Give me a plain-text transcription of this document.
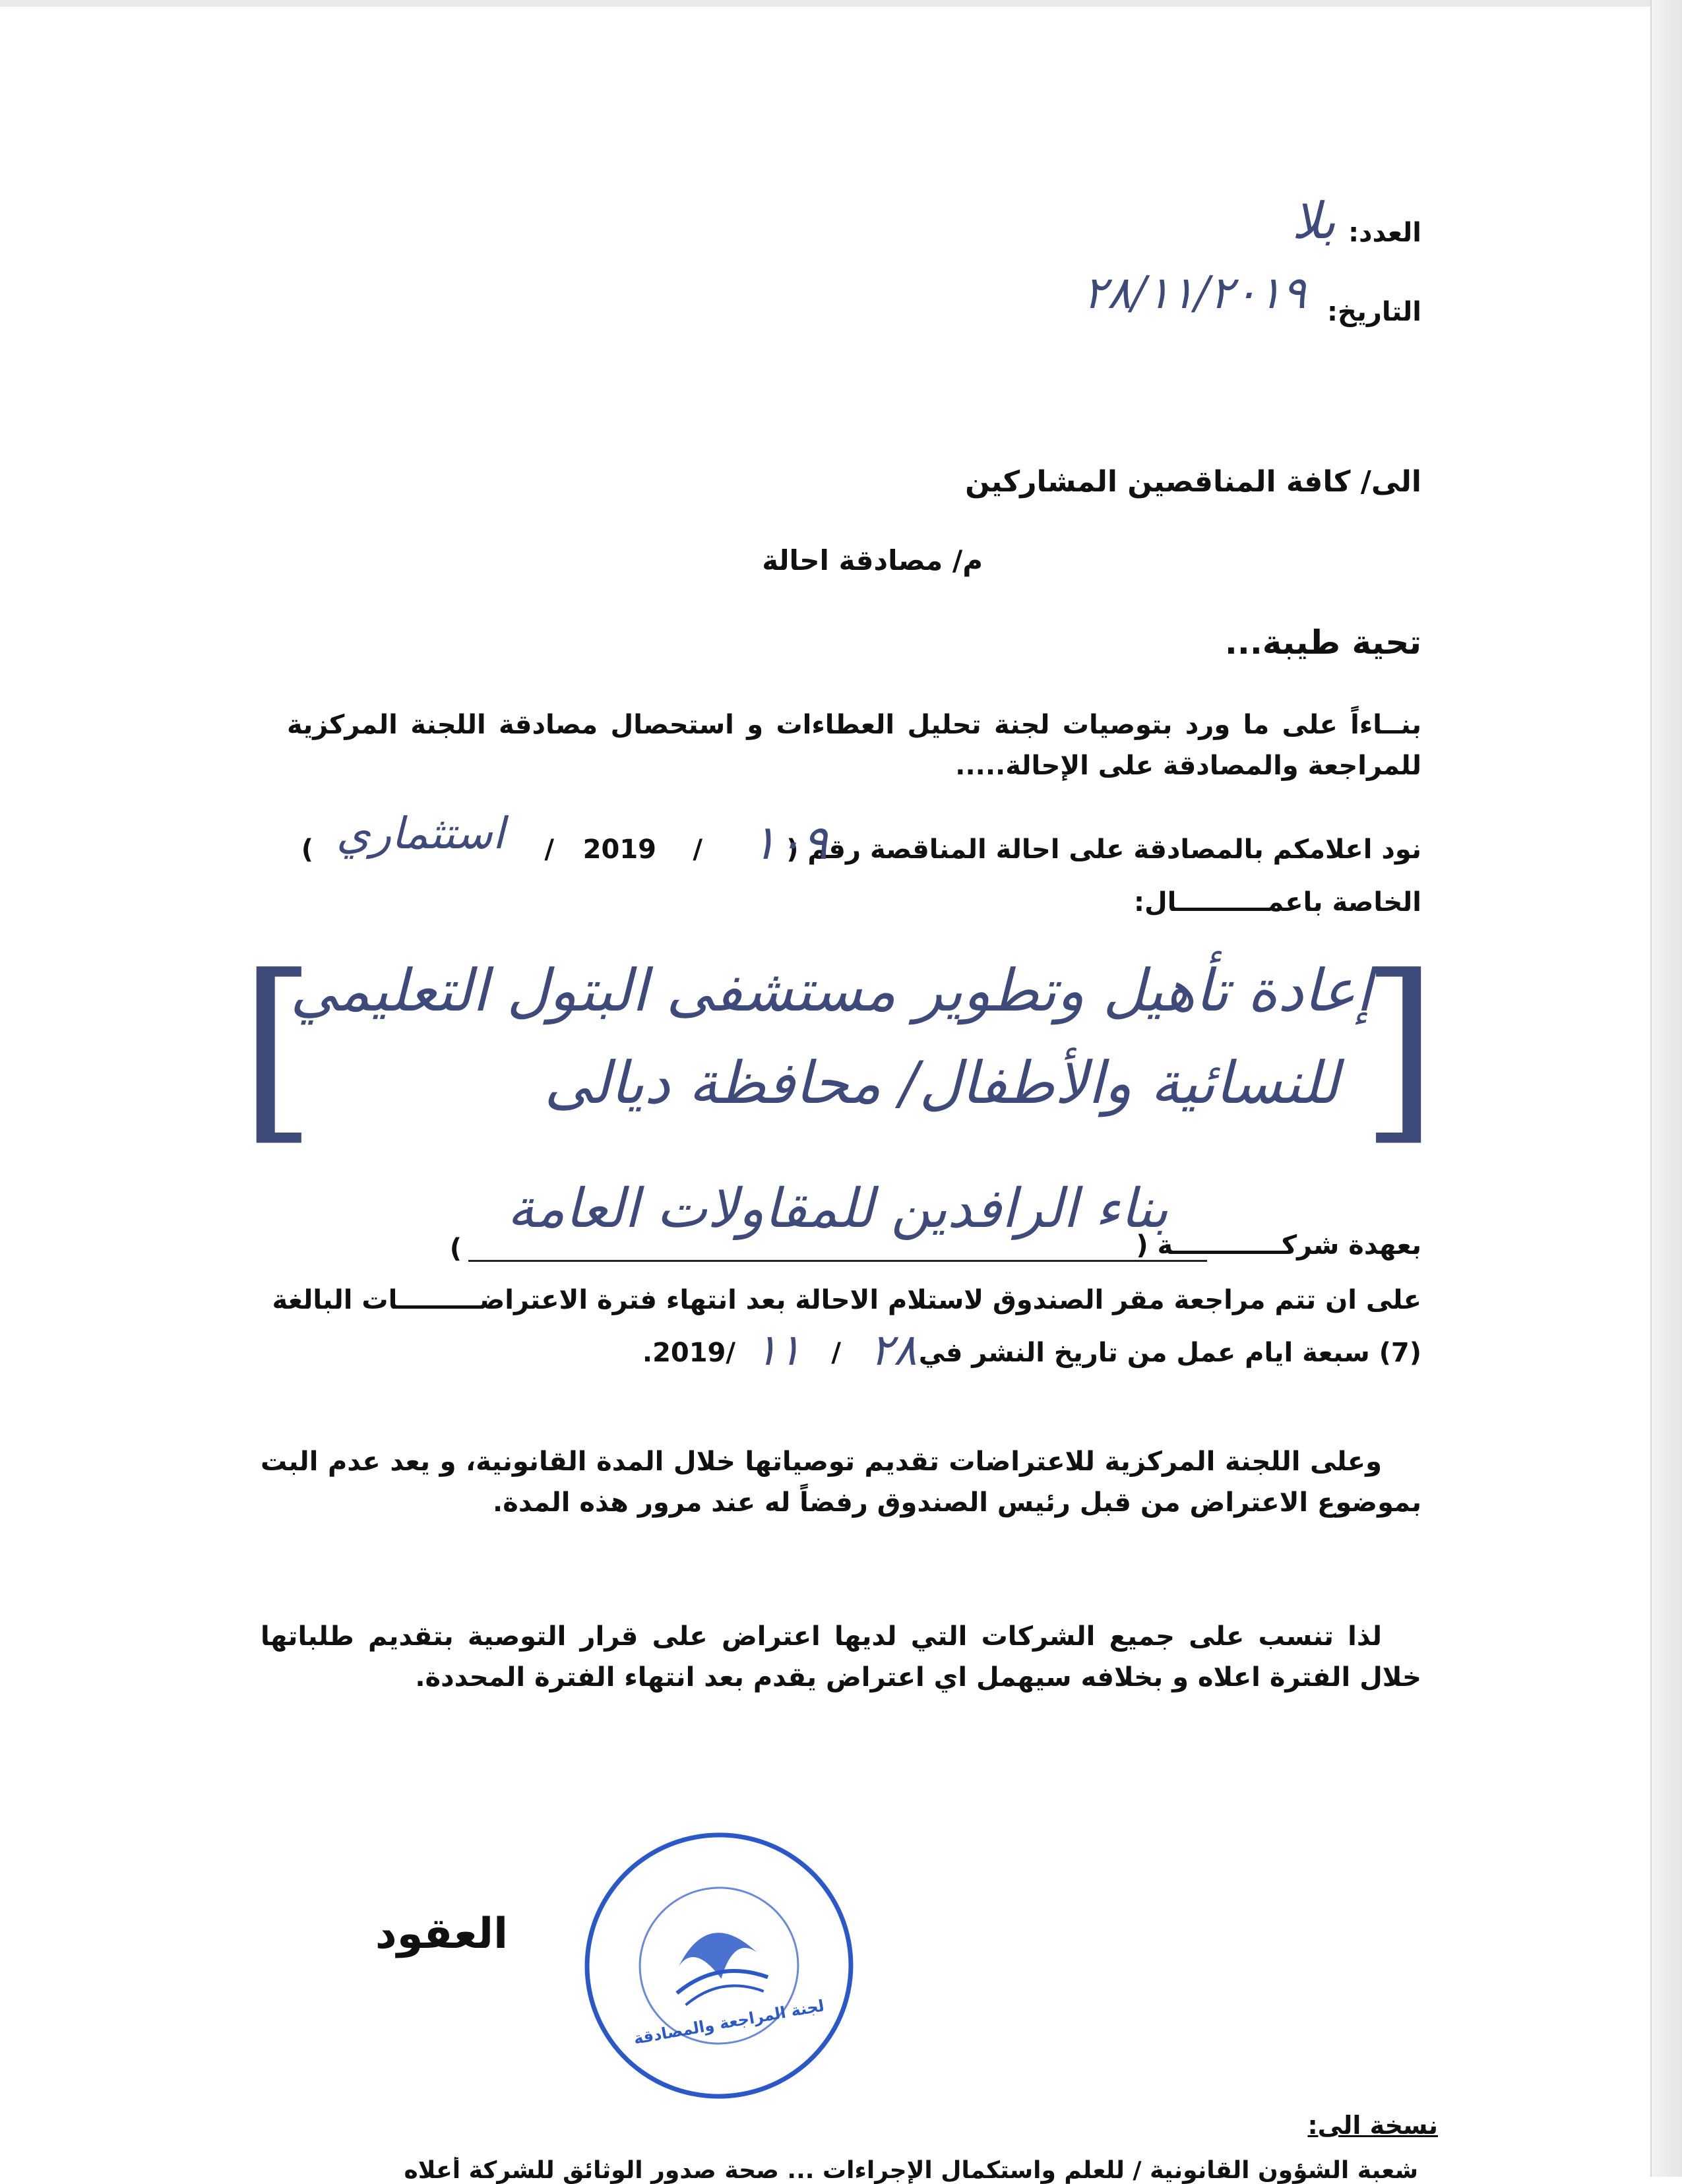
العدد:
بلا
التاريخ:
٢٨/١١/٢٠١٩
الى/ كافة المناقصين المشاركين
م/ مصادقة احالة
تحية طيبة...
بنــاءاً على ما ورد بتوصيات لجنة تحليل العطاءات و استحصال مصادقة اللجنة المركزية للمراجعة والمصادقة على الإحالة.....
نود اعلامكم بالمصادقة على احالة المناقصة رقم (
١٠٩
/
2019
/
استثماري
)
الخاصة باعمــــــــــال:
[
]
إعادة تأهيل وتطوير مستشفى البتول التعليمي
للنسائية والأطفال/ محافظة ديالى
بعهدة شركــــــــــــة (
بناء الرافدين للمقاولات العامة
)
على ان تتم مراجعة مقر الصندوق لاستلام الاحالة بعد انتهاء فترة الاعتراضـــــــــات البالغة
(7) سبعة ايام عمل من تاريخ النشر في
٢٨
/
١١
/2019.
وعلى اللجنة المركزية للاعتراضات تقديم توصياتها خلال المدة القانونية، و يعد عدم البت بموضوع الاعتراض من قبل رئيس الصندوق رفضاً له عند مرور هذه المدة.
لذا تنسب على جميع الشركات التي لديها اعتراض على قرار التوصية بتقديم طلباتها خلال الفترة اعلاه و بخلافه سيهمل اي اعتراض يقدم بعد انتهاء الفترة المحددة.
صندوق إعادة إعمار المناطق المتضررة من العمليات الإرهابية
لجنة المراجعة والمصادقة
العقود
نسخة الى:
شعبة الشؤون القانونية / للعلم واستكمال الإجراءات ... صحة صدور الوثائق للشركة أعلاه
